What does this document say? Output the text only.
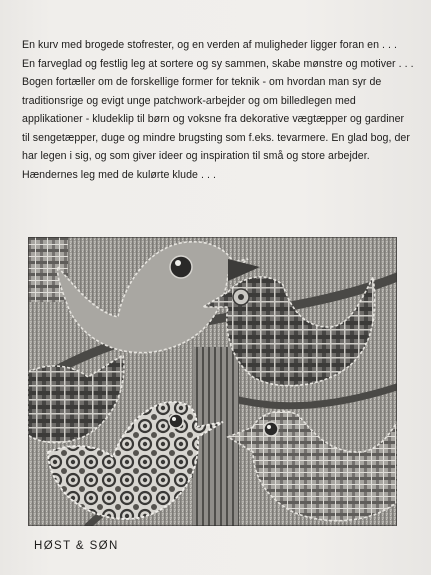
En kurv med brogede stofrester, og en verden af muligheder ligger foran en . . .

En farveglad og festlig leg at sortere og sy sammen, skabe mønstre og motiver . . .

Bogen fortæller om de forskellige former for teknik - om hvordan man syr de traditionsrige og evigt unge patchwork-arbejder og om billedlegen med applikationer - kludeklip til børn og voksne fra dekorative vægtæpper og gardiner til sengetæpper, duge og mindre brugsting som f.eks. tevarmere. En glad bog, der har legen i sig, og som giver ideer og inspiration til små og store arbejder. Hændernes leg med de kulørte klude . . .

HØST & SØN
